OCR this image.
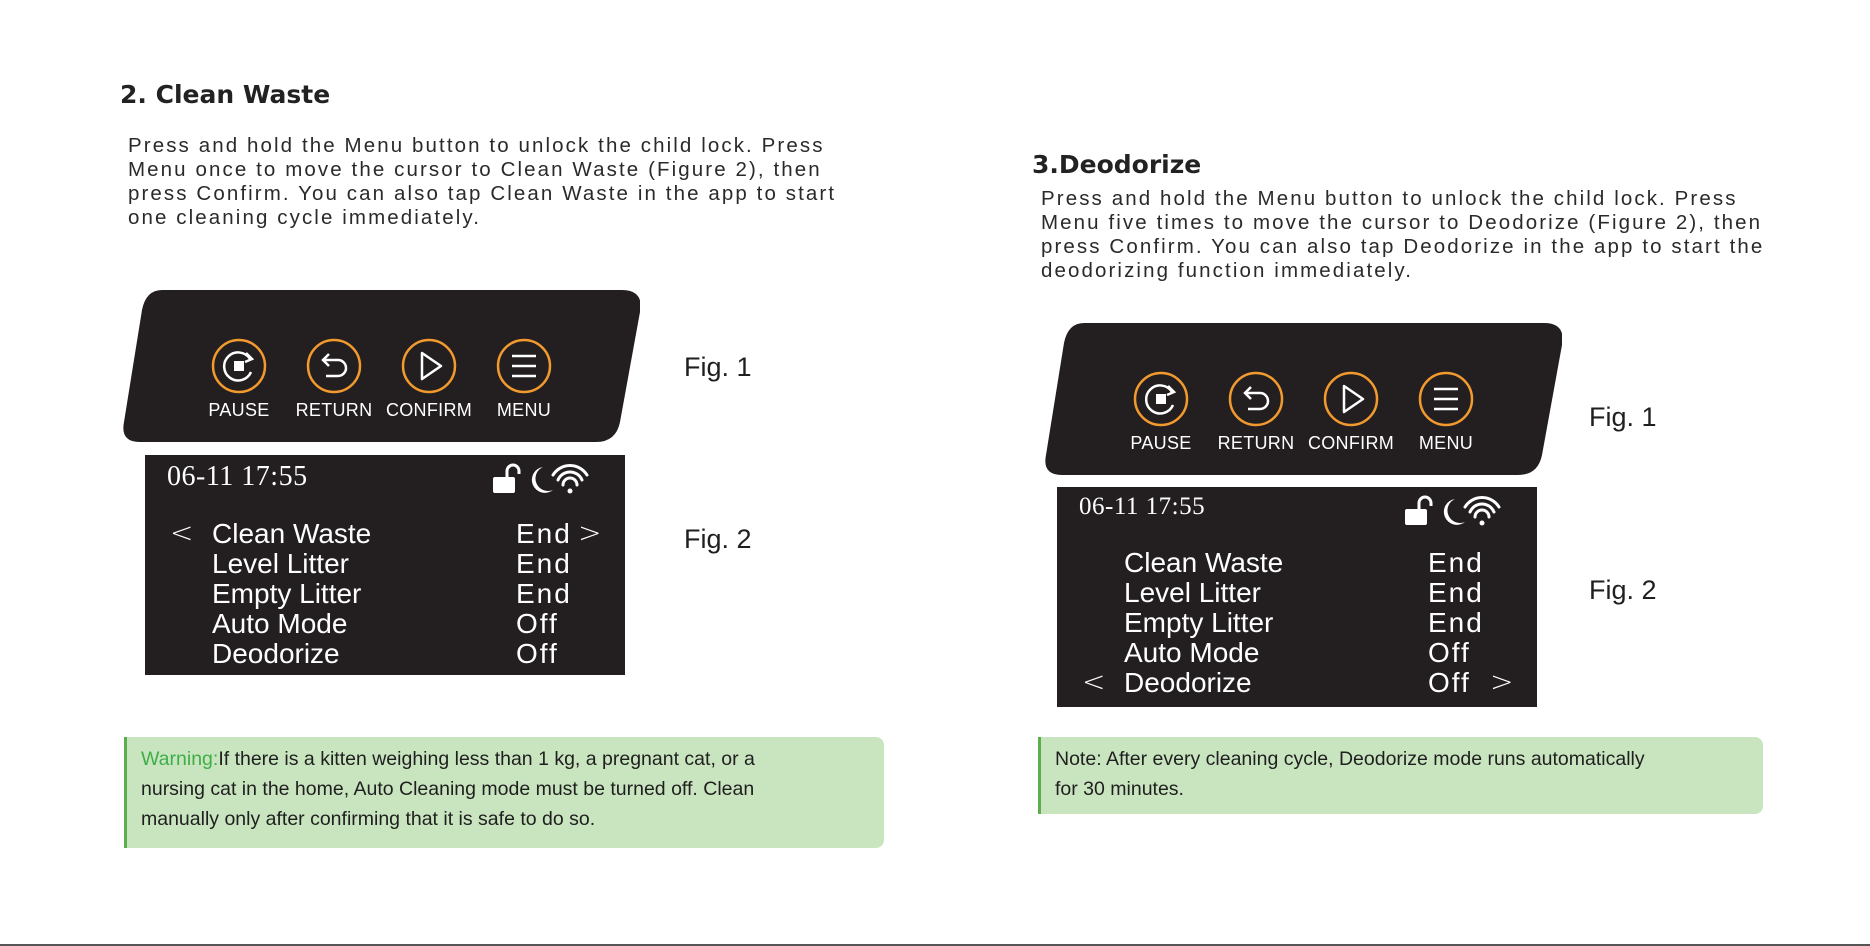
2. Clean Waste
Press and hold the Menu button to unlock the child lock. Press
Menu once to move the cursor to Clean Waste (Figure 2), then
press Confirm. You can also tap Clean Waste in the app to start
one cleaning cycle immediately.
PAUSE	RETURN CONFIRM	MENU
Fig. 1
06-11 17:55
< Clean Waste	End >
Level Litter	End
Empty Litter	End
Auto Mode	Off
Deodorize	Off
Fig. 2
Warning:If there is a kitten weighing less than 1 kg, a pregnant cat, or a
nursing cat in the home, Auto Cleaning mode must be turned off. Clean
manually only after confirming that it is safe to do so.
3.Deodorize
Press and hold the Menu button to unlock the child lock. Press
Menu five times to move the cursor to Deodorize (Figure 2), then
press Confirm. You can also tap Deodorize in the app to start the
deodorizing function immediately.
PAUSE	RETURN CONFIRM	MENU
Fig. 1
06-11 17:55
Clean Waste	End
Level Litter	End
Empty Litter	End
Auto Mode	Off
< Deodorize	Off >
Fig. 2
Note: After every cleaning cycle, Deodorize mode runs automatically
for 30 minutes.
